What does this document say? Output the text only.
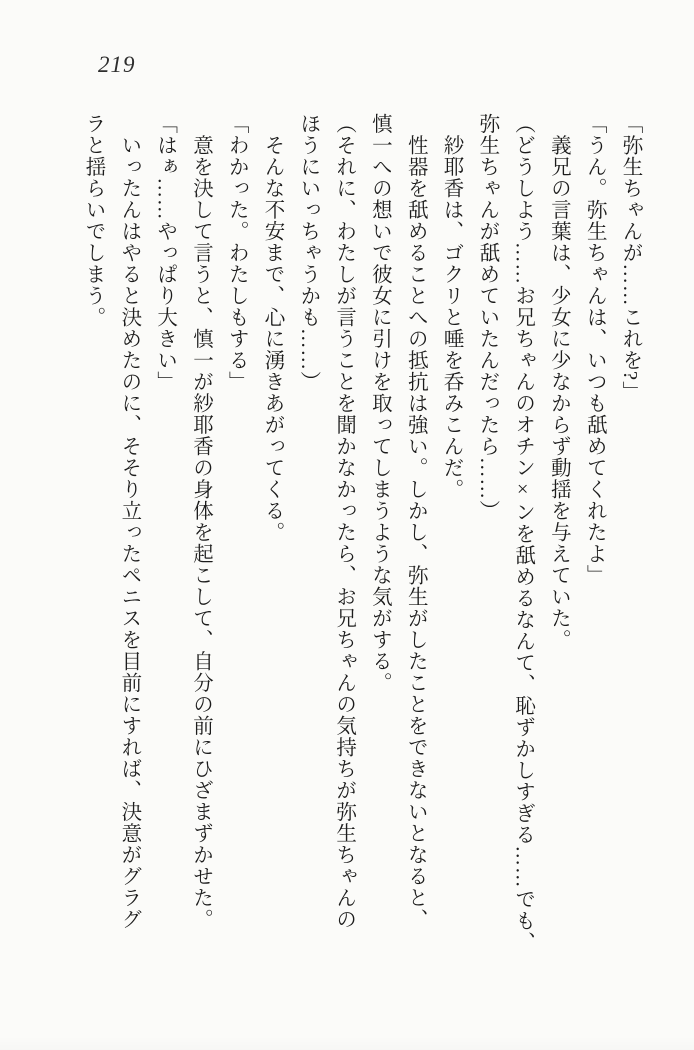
219
「弥生ちゃんが……これを?」
「うん。弥生ちゃんは、いつも舐めてくれたよ」
　義兄の言葉は、少女に少なからず動揺を与えていた。
（どうしよう……お兄ちゃんのオチン×ンを舐めるなんて、恥ずかしすぎる……でも、
弥生ちゃんが舐めていたんだったら……）
　紗耶香は、ゴクリと唾を呑みこんだ。
　性器を舐めることへの抵抗は強い。しかし、弥生がしたことをできないとなると、
慎一への想いで彼女に引けを取ってしまうような気がする。
（それに、わたしが言うことを聞かなかったら、お兄ちゃんの気持ちが弥生ちゃんの
ほうにいっちゃうかも……）
　そんな不安まで、心に湧きあがってくる。
「わかった。わたしもする」
　意を決して言うと、慎一が紗耶香の身体を起こして、自分の前にひざまずかせた。
「はぁ……やっぱり大きい」
　いったんはやると決めたのに、そそり立ったペニスを目前にすれば、決意がグラグ
ラと揺らいでしまう。
